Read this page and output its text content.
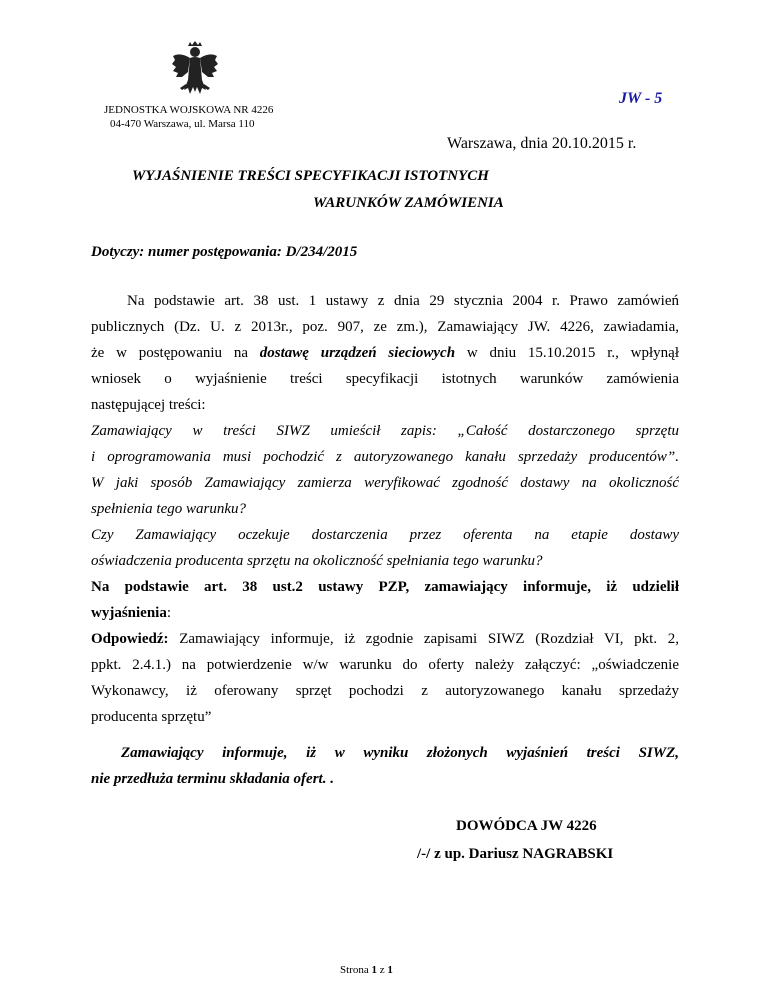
JEDNOSTKA WOJSKOWA NR 4226
04-470 Warszawa, ul. Marsa 110
JW - 5
Warszawa, dnia 20.10.2015 r.
WYJAŚNIENIE TREŚCI SPECYFIKACJI ISTOTNYCH
WARUNKÓW ZAMÓWIENIA
Dotyczy: numer postępowania: D/234/2015
Na podstawie art. 38 ust. 1 ustawy z dnia 29 stycznia 2004 r. Prawo zamówień
publicznych (Dz. U. z 2013r., poz. 907, ze zm.), Zamawiający JW. 4226, zawiadamia,
że w postępowaniu na dostawę urządzeń sieciowych w dniu 15.10.2015 r., wpłynął
wniosek o wyjaśnienie treści specyfikacji istotnych warunków zamówienia
następującej treści:
Zamawiający w treści SIWZ umieścił zapis: „Całość dostarczonego sprzętu
i oprogramowania musi pochodzić z autoryzowanego kanału sprzedaży producentów”.
W jaki sposób Zamawiający zamierza weryfikować zgodność dostawy na okoliczność
spełnienia tego warunku?
Czy Zamawiający oczekuje dostarczenia przez oferenta na etapie dostawy
oświadczenia producenta sprzętu na okoliczność spełniania tego warunku?
Na podstawie art. 38 ust.2 ustawy PZP, zamawiający informuje, iż udzielił
wyjaśnienia:
Odpowiedź: Zamawiający informuje, iż zgodnie zapisami SIWZ (Rozdział VI, pkt. 2,
ppkt. 2.4.1.) na potwierdzenie w/w warunku do oferty należy załączyć: „oświadczenie
Wykonawcy, iż oferowany sprzęt pochodzi z autoryzowanego kanału sprzedaży
producenta sprzętu”
Zamawiający informuje, iż w wyniku złożonych wyjaśnień treści SIWZ,
nie przedłuża terminu składania ofert. .
DOWÓDCA JW 4226
/-/ z up. Dariusz NAGRABSKI
Strona 1 z 1
